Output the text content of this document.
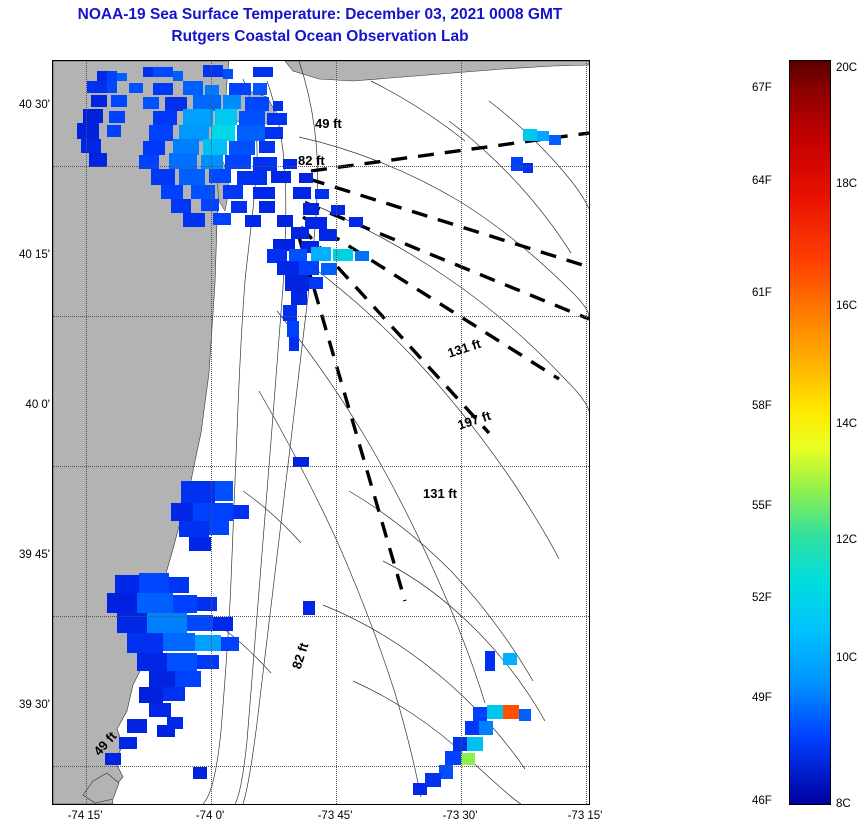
NOAA-19 Sea Surface Temperature: December 03, 2021 0008 GMT
Rutgers Coastal Ocean Observation Lab
49 ft
82 ft
131 ft
197 ft
131 ft
82 ft
49 ft
40 30'
40 15'
40 0'
39 45'
39 30'
-74 15'	-74 0'	-73 45'	-73 30'	-73 15'
67F
64F
61F
58F
55F
52F
49F
46F
20C
18C
16C
14C
12C
10C
8C
